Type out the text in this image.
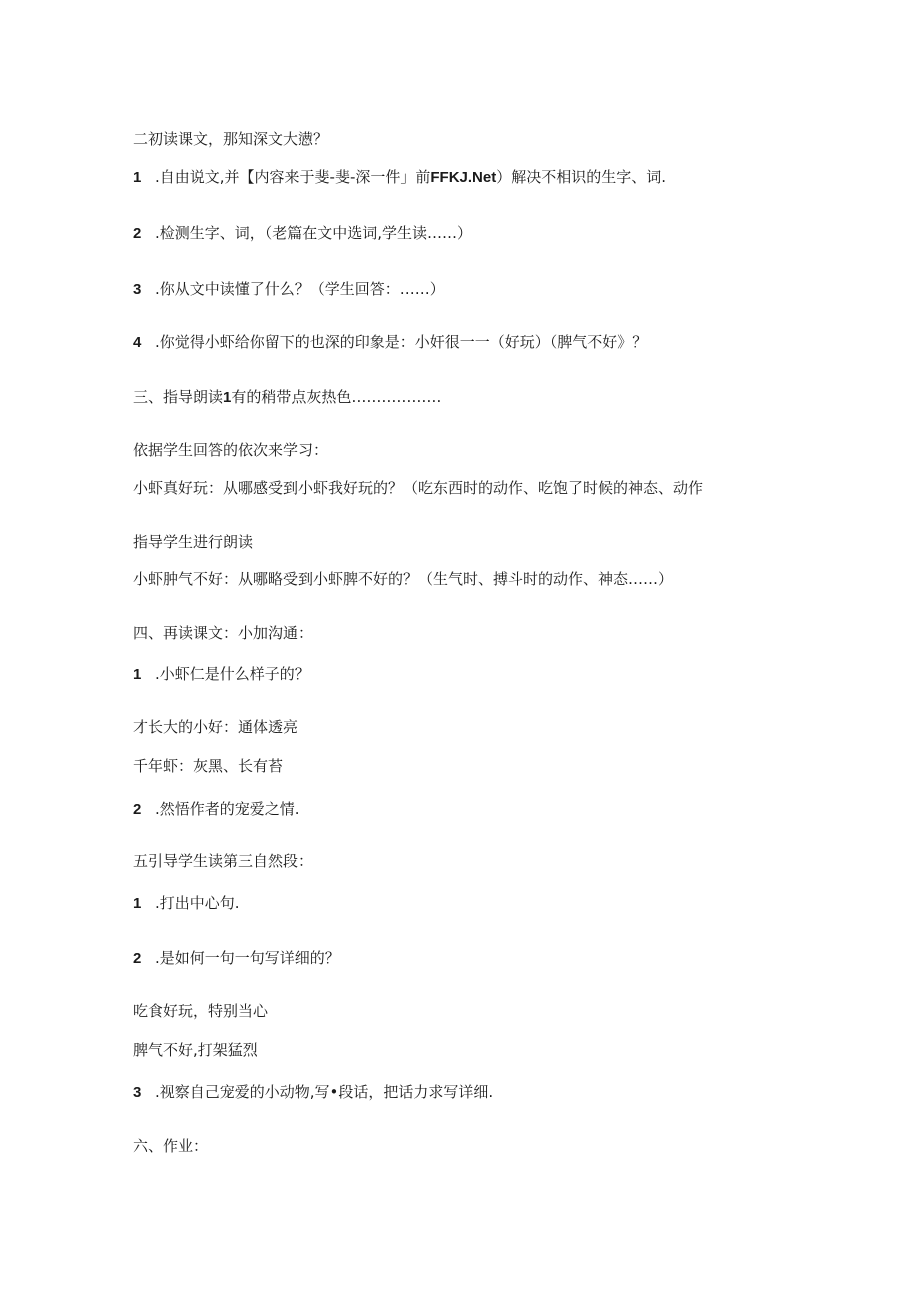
二初读课文，那知深文大懑？
1 .自由说文,并【内容来于斐-斐-深一件」前FFKJ.Net）解决不相识的生字、词.
2 .检测生字、词，（老篇在文中选词,学生读……）
3 .你从文中读懂了什么？（学生回答：……）
4 .你觉得小虾给你留下的也深的印象是：小奸很一一（好玩）（脾气不好》？
三、指导朗读1有的稍带点灰热色………………
依据学生回答的依次来学习：
小虾真好玩：从哪感受到小虾我好玩的？（吃东西时的动作、吃饱了时候的神态、动作
指导学生进行朗读
小虾肿气不好：从哪略受到小虾脾不好的？（生气时、搏斗时的动作、神态……）
四、再读课文：小加沟通：
1 .小虾仁是什么样子的？
才长大的小好：通体透亮
千年虾：灰黑、长有苔
2 .然悟作者的宠爱之情.
五引导学生读第三自然段：
1 .打出中心句.
2 .是如何一句一句写详细的？
吃食好玩，特别当心
脾气不好,打架猛烈
3 .视察自己宠爱的小动物,写•段话，把话力求写详细.
六、作业：
